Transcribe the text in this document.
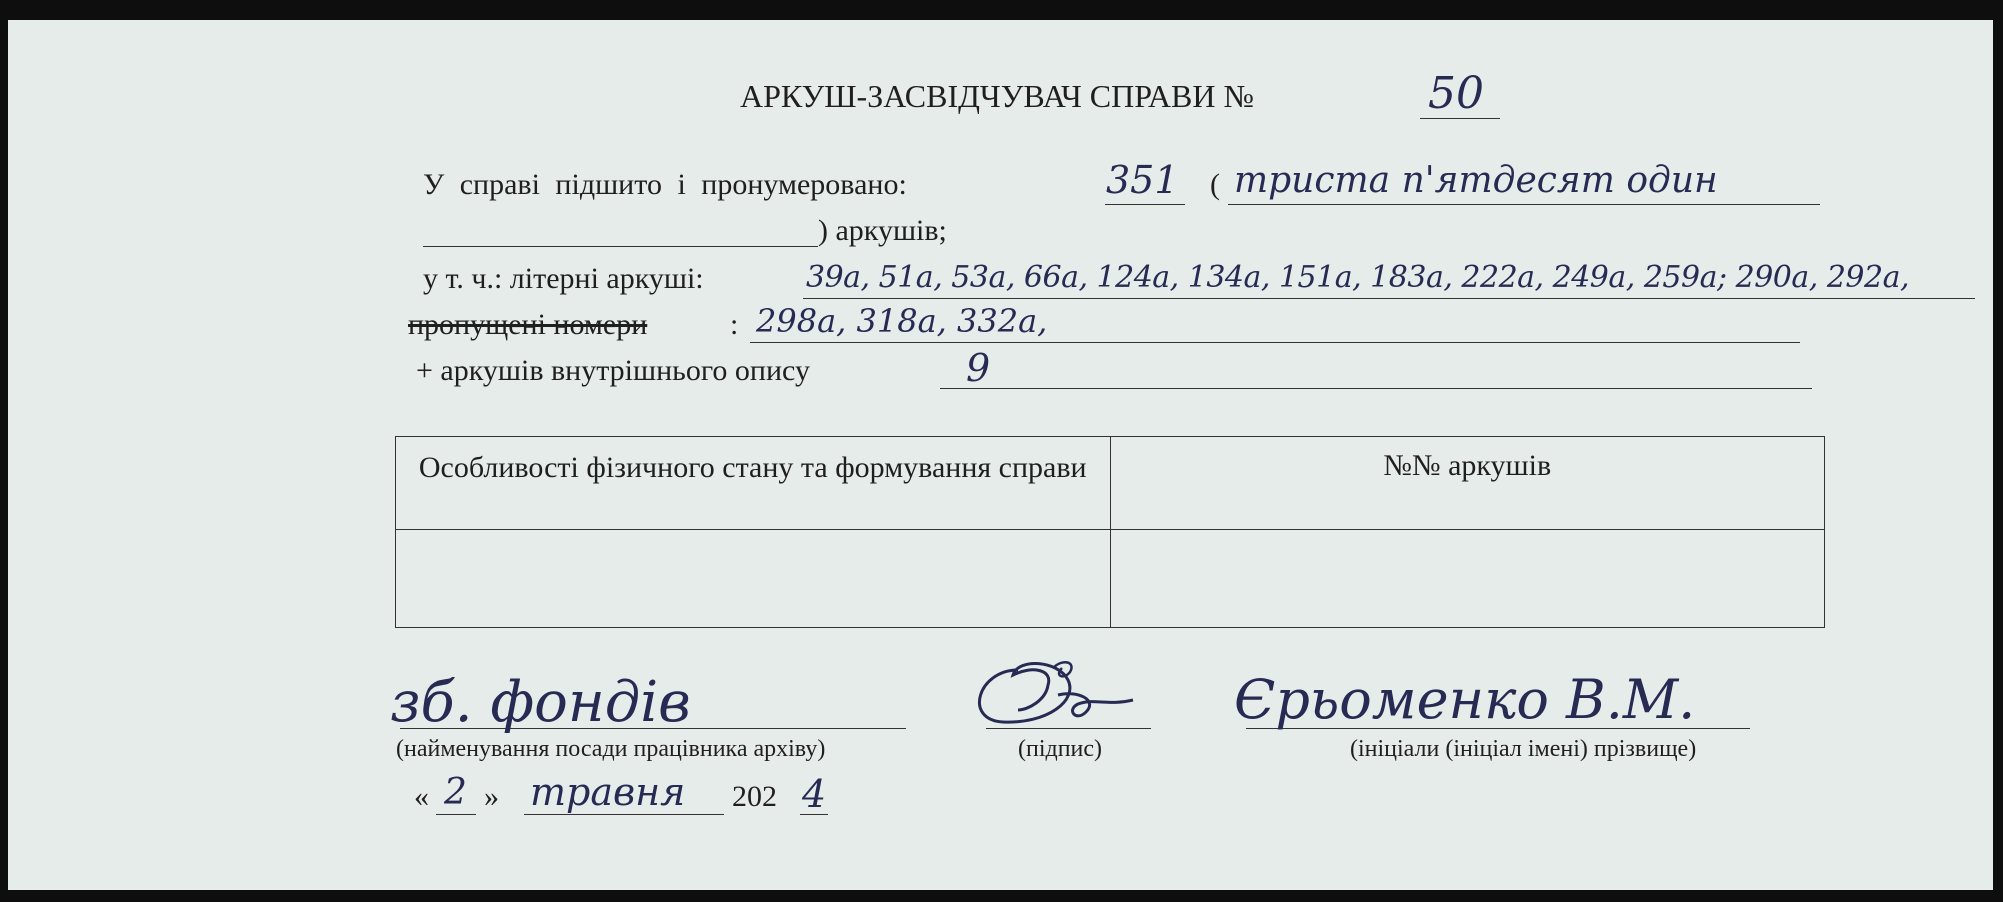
АРКУШ-ЗАСВІДЧУВАЧ СПРАВИ №	50
У справі підшито і пронумеровано:	351 ( триста п'ятдесят один
) аркушів;
у т. ч.: літерні аркуші:	39а, 51а, 53а, 66а, 124а, 134а, 151а, 183а, 222а, 249а, 259а; 290а, 292а,
пропущені номери	: 298а, 318а, 332а,
+ аркушів внутрішнього опису	9
Особливості фізичного стану та формування справи	№№ аркушів

зб. фондів
(найменування посади працівника архіву)	(підпис)
Єрьоменко В.М.
(ініціали (ініціал імені) прізвище)
« 2 » травня 202 4
